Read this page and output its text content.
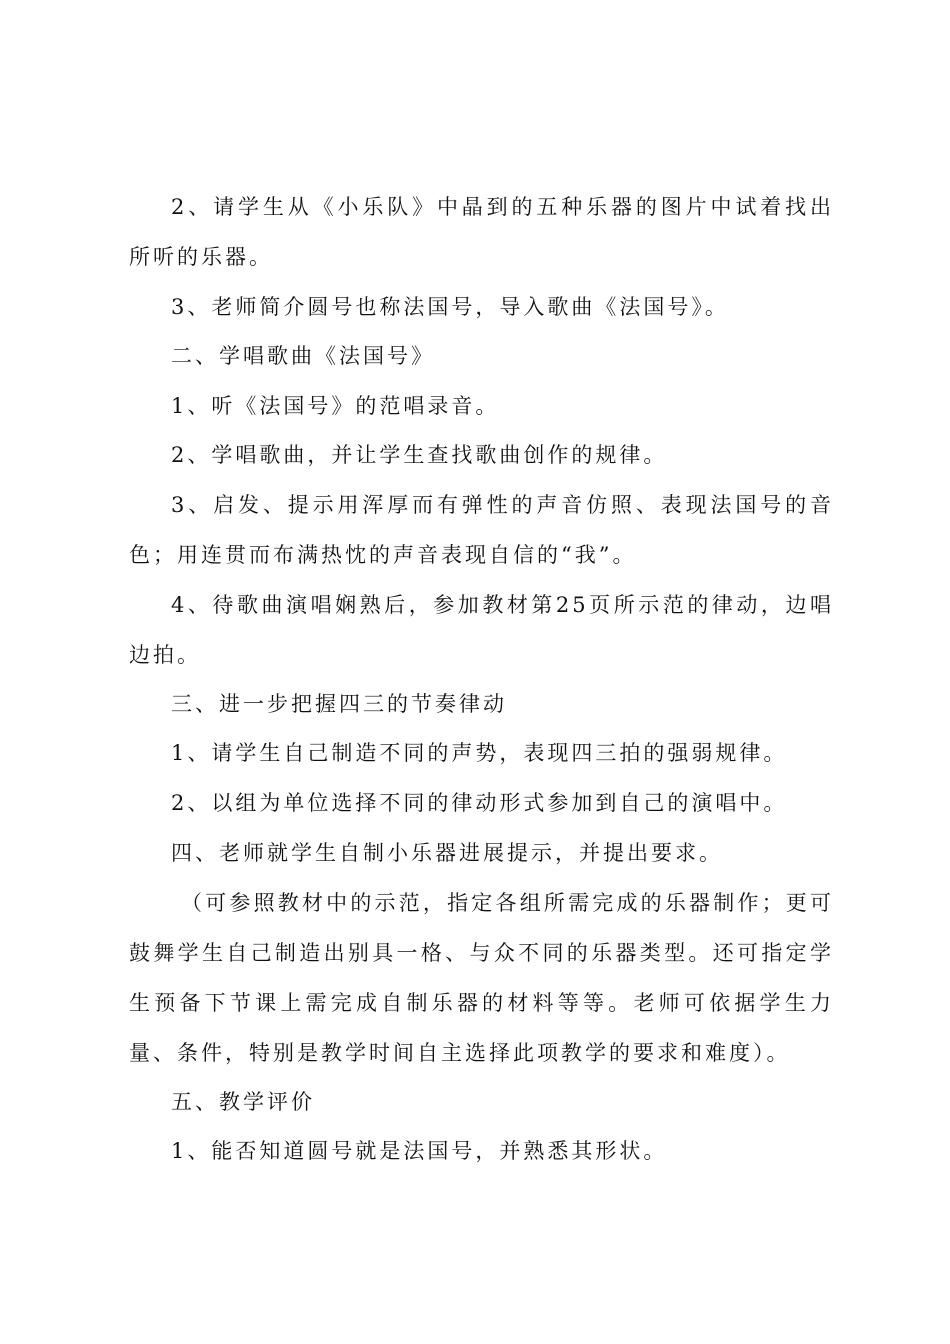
2、请学生从《小乐队》中晶到的五种乐器的图片中试着找出所听的乐器。

3、老师简介圆号也称法国号，导入歌曲《法国号》。

二、学唱歌曲《法国号》

1、听《法国号》的范唱录音。

2、学唱歌曲，并让学生查找歌曲创作的规律。

3、启发、提示用浑厚而有弹性的声音仿照、表现法国号的音色；用连贯而布满热忱的声音表现自信的“我”。

4、待歌曲演唱娴熟后，参加教材第25页所示范的律动，边唱边拍。

三、进一步把握四三的节奏律动

1、请学生自己制造不同的声势，表现四三拍的强弱规律。

2、以组为单位选择不同的律动形式参加到自己的演唱中。

四、老师就学生自制小乐器进展提示，并提出要求。

（可参照教材中的示范，指定各组所需完成的乐器制作；更可鼓舞学生自己制造出别具一格、与众不同的乐器类型。还可指定学生预备下节课上需完成自制乐器的材料等等。老师可依据学生力量、条件，特别是教学时间自主选择此项教学的要求和难度）。

五、教学评价

1、能否知道圆号就是法国号，并熟悉其形状。
